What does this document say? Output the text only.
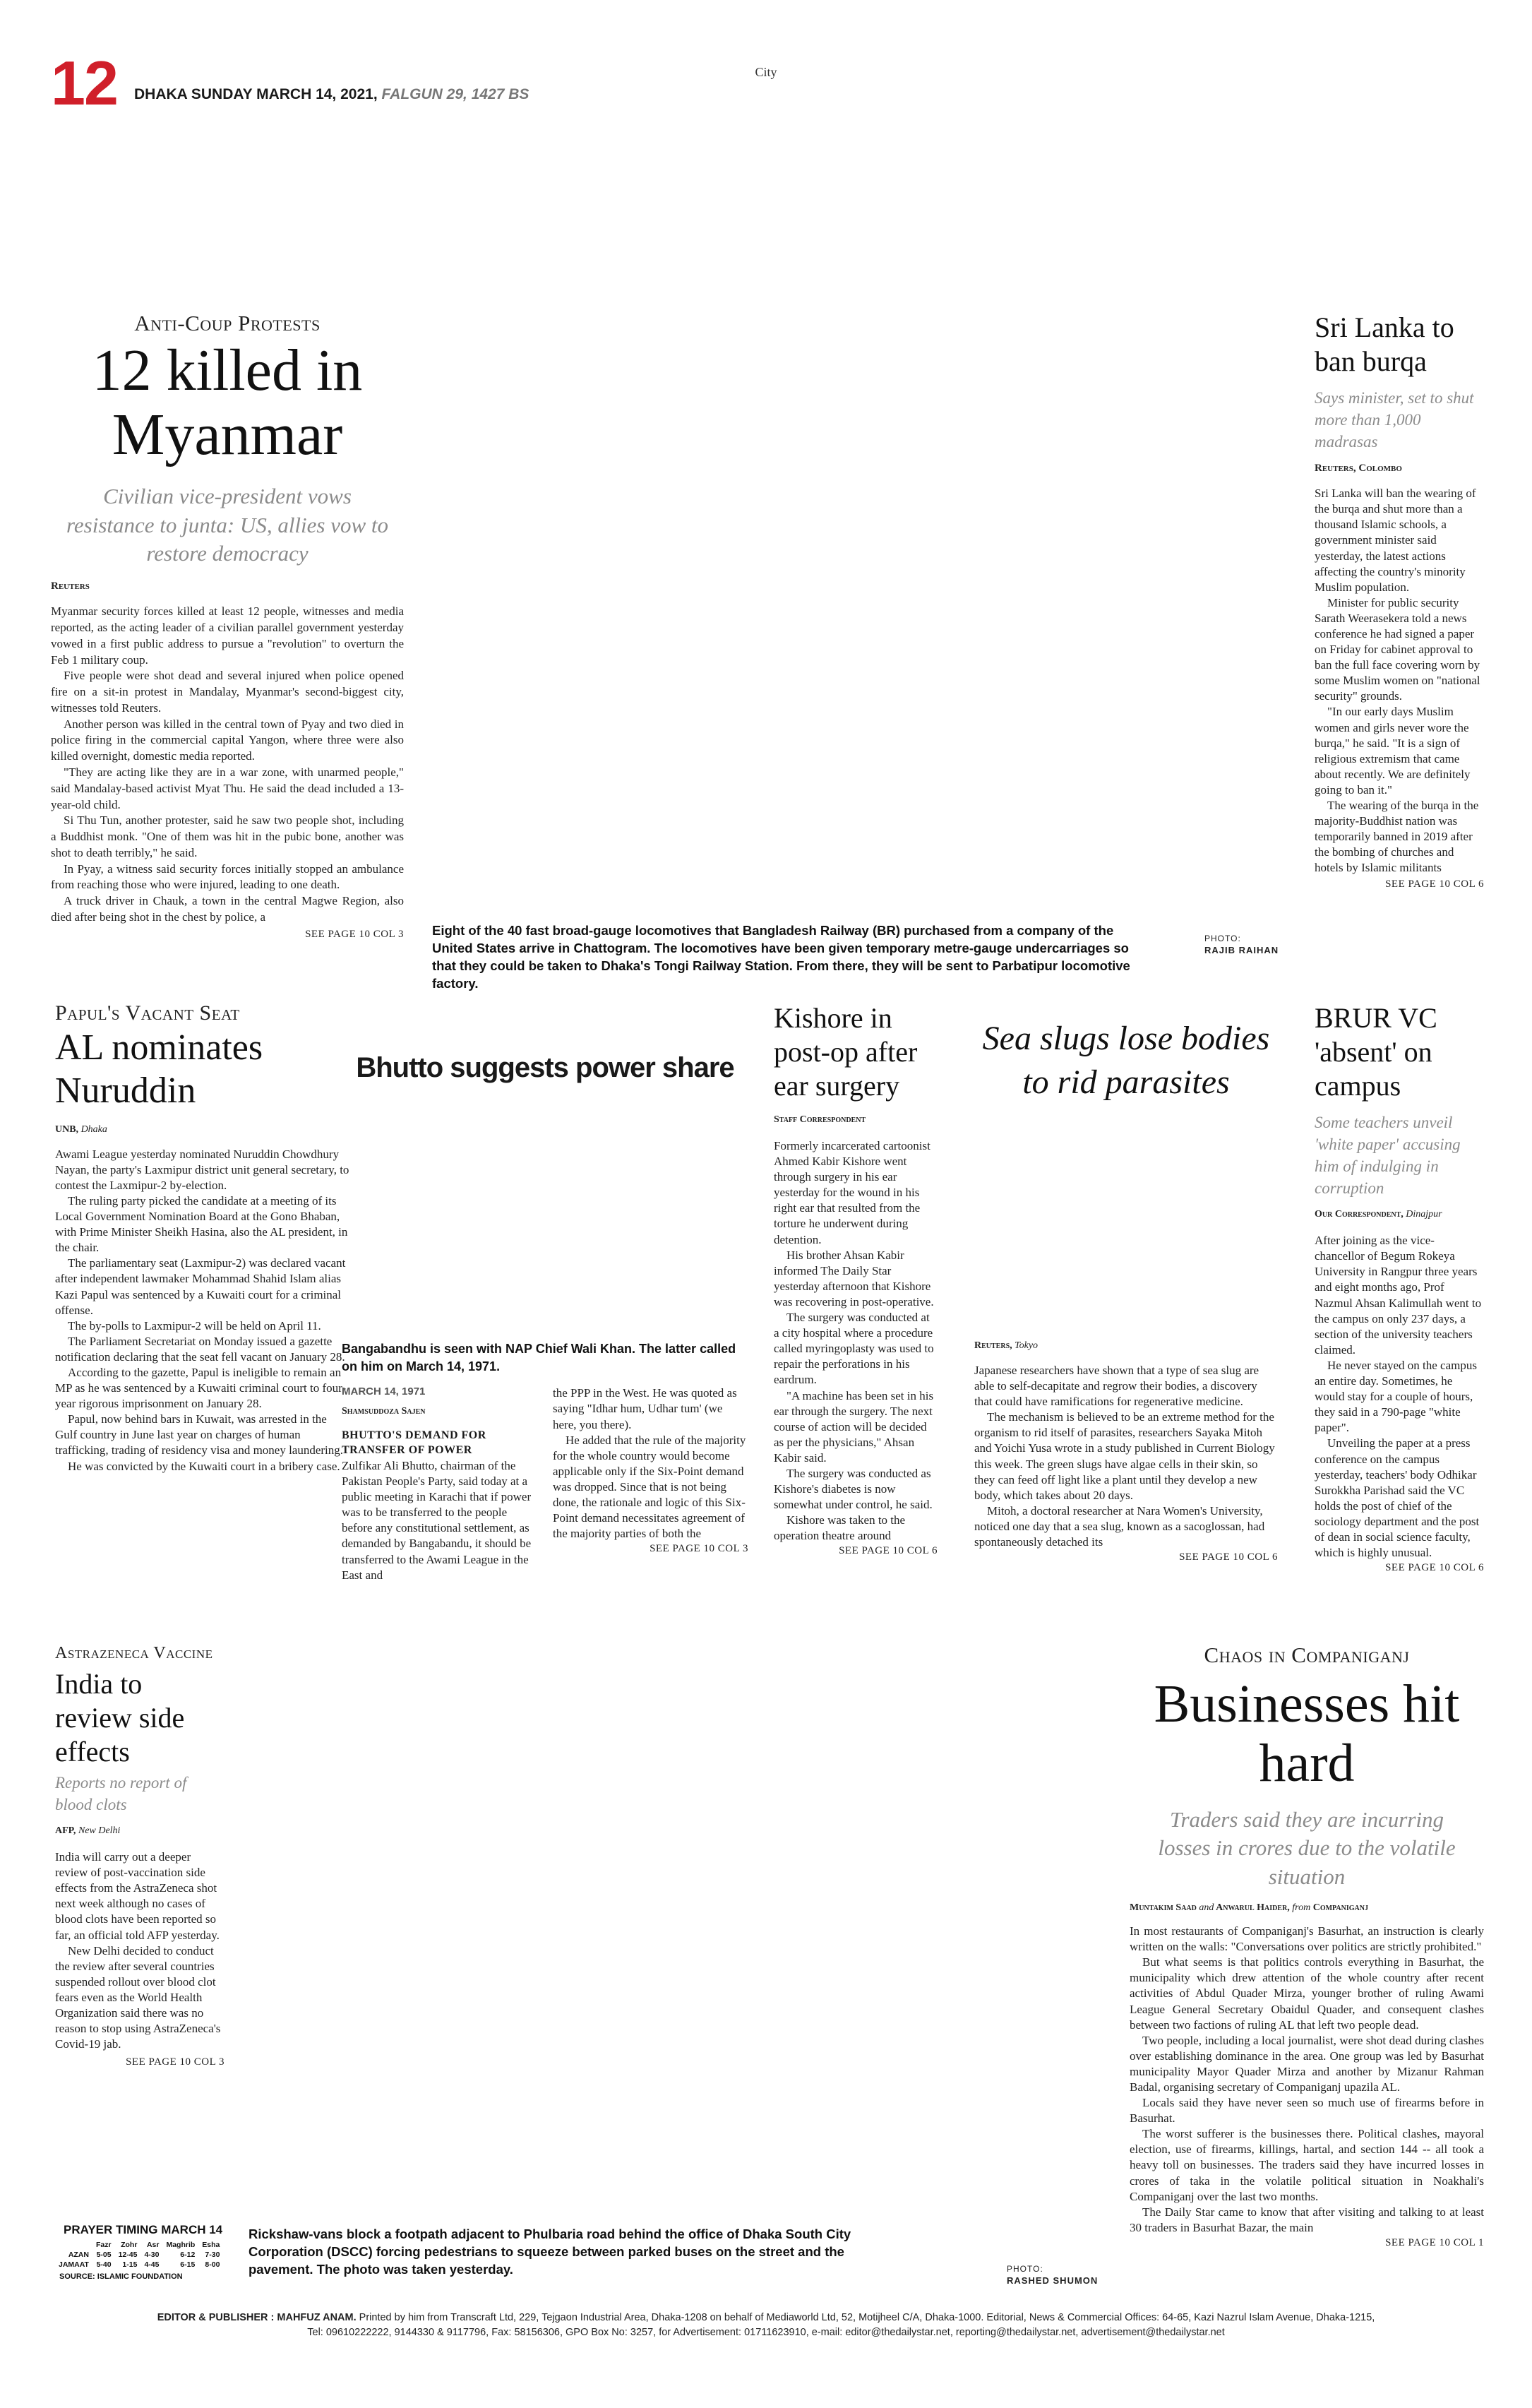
12 DHAKA SUNDAY MARCH 14, 2021, FALGUN 29, 1427 BS
City
Anti-Coup Protests
12 killed in Myanmar
Civilian vice-president vows resistance to junta: US, allies vow to restore democracy
Reuters

Myanmar security forces killed at least 12 people, witnesses and media reported, as the acting leader of a civilian parallel government yesterday vowed in a first public address to pursue a "revolution" to overturn the Feb 1 military coup.

Five people were shot dead and several injured when police opened fire on a sit-in protest in Mandalay, Myanmar's second-biggest city, witnesses told Reuters.

Another person was killed in the central town of Pyay and two died in police firing in the commercial capital Yangon, where three were also killed overnight, domestic media reported.

"They are acting like they are in a war zone, with unarmed people," said Mandalay-based activist Myat Thu. He said the dead included a 13-year-old child.

Si Thu Tun, another protester, said he saw two people shot, including a Buddhist monk. "One of them was hit in the pubic bone, another was shot to death terribly," he said.

In Pyay, a witness said security forces initially stopped an ambulance from reaching those who were injured, leading to one death.

A truck driver in Chauk, a town in the central Magwe Region, also died after being shot in the chest by police, a

SEE PAGE 10 COL 3 Eight of the 40 fast broad-gauge locomotives that Bangladesh Railway (BR) purchased from a company of the United States arrive in Chattogram. The locomotives have been given temporary metre-gauge undercarriages so that they could be taken to Dhaka's Tongi Railway Station. From there, they will be sent to Parbatipur locomotive factory.
PHOTO:
RAJIB RAIHAN
Sri Lanka to ban burqa
Says minister, set to shut more than 1,000 madrasas
Reuters, Colombo

Sri Lanka will ban the wearing of the burqa and shut more than a thousand Islamic schools, a government minister said yesterday, the latest actions affecting the country's minority Muslim population.

Minister for public security Sarath Weerasekera told a news conference he had signed a paper on Friday for cabinet approval to ban the full face covering worn by some Muslim women on "national security" grounds.

"In our early days Muslim women and girls never wore the burqa," he said. "It is a sign of religious extremism that came about recently. We are definitely going to ban it."

The wearing of the burqa in the majority-Buddhist nation was temporarily banned in 2019 after the bombing of churches and hotels by Islamic militants

SEE PAGE 10 COL 6
Papul's Vacant Seat
AL nominates Nuruddin
UNB, Dhaka

Awami League yesterday nominated Nuruddin Chowdhury Nayan, the party's Laxmipur district unit general secretary, to contest the Laxmipur-2 by-election.

The ruling party picked the candidate at a meeting of its Local Government Nomination Board at the Gono Bhaban, with Prime Minister Sheikh Hasina, also the AL president, in the chair.

The parliamentary seat (Laxmipur-2) was declared vacant after independent lawmaker Mohammad Shahid Islam alias Kazi Papul was sentenced by a Kuwaiti court for a criminal offense.

The by-polls to Laxmipur-2 will be held on April 11.

The Parliament Secretariat on Monday issued a gazette notification declaring that the seat fell vacant on January 28.

According to the gazette, Papul is ineligible to remain an MP as he was sentenced by a Kuwaiti criminal court to four-year rigorous imprisonment on January 28.

Papul, now behind bars in Kuwait, was arrested in the Gulf country in June last year on charges of human trafficking, trading of residency visa and money laundering.

He was convicted by the Kuwaiti court in a bribery case.

Bhutto suggests power share
Bangabandhu is seen with NAP Chief Wali Khan. The latter called on him on March 14, 1971.
MARCH 14, 1971
Shamsuddoza Sajen
BHUTTO'S DEMAND FOR TRANSFER OF POWER

Zulfikar Ali Bhutto, chairman of the Pakistan People's Party, said today at a public meeting in Karachi that if power was to be transferred to the people before any constitutional settlement, as demanded by Bangabandu, it should be transferred to the Awami League in the East and

the PPP in the West. He was quoted as saying "Idhar hum, Udhar tum' (we here, you there).

He added that the rule of the majority for the whole country would become applicable only if the Six-Point demand was dropped. Since that is not being done, the rationale and logic of this Six-Point demand necessitates agreement of the majority parties of both the

SEE PAGE 10 COL 3
Kishore in post-op after ear surgery
Staff Correspondent

Formerly incarcerated cartoonist Ahmed Kabir Kishore went through surgery in his ear yesterday for the wound in his right ear that resulted from the torture he underwent during detention.

His brother Ahsan Kabir informed The Daily Star yesterday afternoon that Kishore was recovering in post-operative.

The surgery was conducted at a city hospital where a procedure called myringoplasty was used to repair the perforations in his eardrum.

"A machine has been set in his ear through the surgery. The next course of action will be decided as per the physicians," Ahsan Kabir said.

The surgery was conducted as Kishore's diabetes is now somewhat under control, he said.

Kishore was taken to the operation theatre around

SEE PAGE 10 COL 6
Sea slugs lose bodies to rid parasites
Reuters, Tokyo

Japanese researchers have shown that a type of sea slug are able to self-decapitate and regrow their bodies, a discovery that could have ramifications for regenerative medicine.

The mechanism is believed to be an extreme method for the organism to rid itself of parasites, researchers Sayaka Mitoh and Yoichi Yusa wrote in a study published in Current Biology this week. The green slugs have algae cells in their skin, so they can feed off light like a plant until they develop a new body, which takes about 20 days.

Mitoh, a doctoral researcher at Nara Women's University, noticed one day that a sea slug, known as a sacoglossan, had spontaneously detached its

SEE PAGE 10 COL 6
BRUR VC 'absent' on campus
Some teachers unveil 'white paper' accusing him of indulging in corruption
Our Correspondent, Dinajpur

After joining as the vice-chancellor of Begum Rokeya University in Rangpur three years and eight months ago, Prof Nazmul Ahsan Kalimullah went to the campus on only 237 days, a section of the university teachers claimed.

He never stayed on the campus an entire day. Sometimes, he would stay for a couple of hours, they said in a 790-page "white paper".

Unveiling the paper at a press conference on the campus yesterday, teachers' body Odhikar Surokkha Parishad said the VC holds the post of chief of the sociology department and the post of dean in social science faculty, which is highly unusual.

SEE PAGE 10 COL 6
Astrazeneca Vaccine
India to review side effects
Reports no report of blood clots
AFP, New Delhi

India will carry out a deeper review of post-vaccination side effects from the AstraZeneca shot next week although no cases of blood clots have been reported so far, an official told AFP yesterday.

New Delhi decided to conduct the review after several countries suspended rollout over blood clot fears even as the World Health Organization said there was no reason to stop using AstraZeneca's Covid-19 jab.

SEE PAGE 10 COL 3
Chaos in Companiganj
Businesses hit hard
Traders said they are incurring losses in crores due to the volatile situation
Muntakim Saad and Anwarul Haider, from Companiganj

In most restaurants of Companiganj's Basurhat, an instruction is clearly written on the walls: "Conversations over politics are strictly prohibited."

But what seems is that politics controls everything in Basurhat, the municipality which drew attention of the whole country after recent activities of Abdul Quader Mirza, younger brother of ruling Awami League General Secretary Obaidul Quader, and consequent clashes between two factions of ruling AL that left two people dead.

Two people, including a local journalist, were shot dead during clashes over establishing dominance in the area. One group was led by Basurhat municipality Mayor Quader Mirza and another by Mizanur Rahman Badal, organising secretary of Companiganj upazila AL.

Locals said they have never seen so much use of firearms before in Basurhat.

The worst sufferer is the businesses there. Political clashes, mayoral election, use of firearms, killings, hartal, and section 144 -- all took a heavy toll on businesses. The traders said they have incurred losses in crores of taka in the volatile political situation in Noakhali's Companiganj over the last two months.

The Daily Star came to know that after visiting and talking to at least 30 traders in Basurhat Bazar, the main

SEE PAGE 10 COL 1
PRAYER TIMING MARCH 14
	Fazr	Zohr	Asr	Maghrib	Esha
AZAN	5-05	12-45	4-30	6-12	7-30
JAMAAT	5-40	1-15	4-45	6-15	8-00
SOURCE: ISLAMIC FOUNDATION
Rickshaw-vans block a footpath adjacent to Phulbaria road behind the office of Dhaka South City Corporation (DSCC) forcing pedestrians to squeeze between parked buses on the street and the pavement. The photo was taken yesterday.	PHOTO:
RASHED SHUMON
EDITOR & PUBLISHER : MAHFUZ ANAM. Printed by him from Transcraft Ltd, 229, Tejgaon Industrial Area, Dhaka-1208 on behalf of Mediaworld Ltd, 52, Motijheel C/A, Dhaka-1000. Editorial, News & Commercial Offices: 64-65, Kazi Nazrul Islam Avenue, Dhaka-1215,
Tel: 09610222222, 9144330 & 9117796, Fax: 58156306, GPO Box No: 3257, for Advertisement: 01711623910, e-mail: editor@thedailystar.net, reporting@thedailystar.net, advertisement@thedailystar.net
